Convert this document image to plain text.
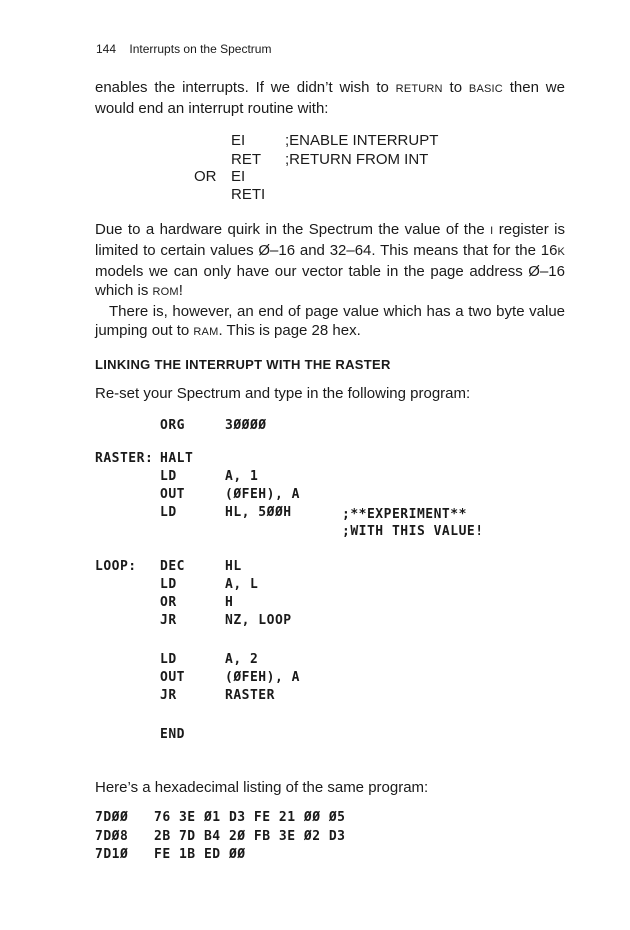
144 Interrupts on the Spectrum

enables the interrupts. If we didn’t wish to RETURN to BASIC then we would end an interrupt routine with:

EI	;ENABLE INTERRUPT
RET ;RETURN FROM INT
OR EI
RETI

Due to a hardware quirk in the Spectrum the value of the I register is limited to certain values Ø–16 and 32–64. This means that for the 16K models we can only have our vector table in the page address Ø–16 which is ROM!

There is, however, an end of page value which has a two byte value jumping out to RAM. This is page 28 hex.

LINKING THE INTERRUPT WITH THE RASTER
Re-set your Spectrum and type in the following program:
ORG	3ØØØØ
RASTER: HALT
LD	A, 1
OUT	(ØFEH), A
LD	HL, 5ØØH	;**EXPERIMENT**
;WITH THIS VALUE!
LOOP: DEC	HL
LD	A, L
OR	H
JR	NZ, LOOP
LD	A, 2
OUT	(ØFEH), A
JR	RASTER
END
Here’s a hexadecimal listing of the same program:
7DØØ 76 3E Ø1 D3 FE 21 ØØ Ø5
7DØ8 2B 7D B4 2Ø FB 3E Ø2 D3
7D1Ø FE 1B ED ØØ
